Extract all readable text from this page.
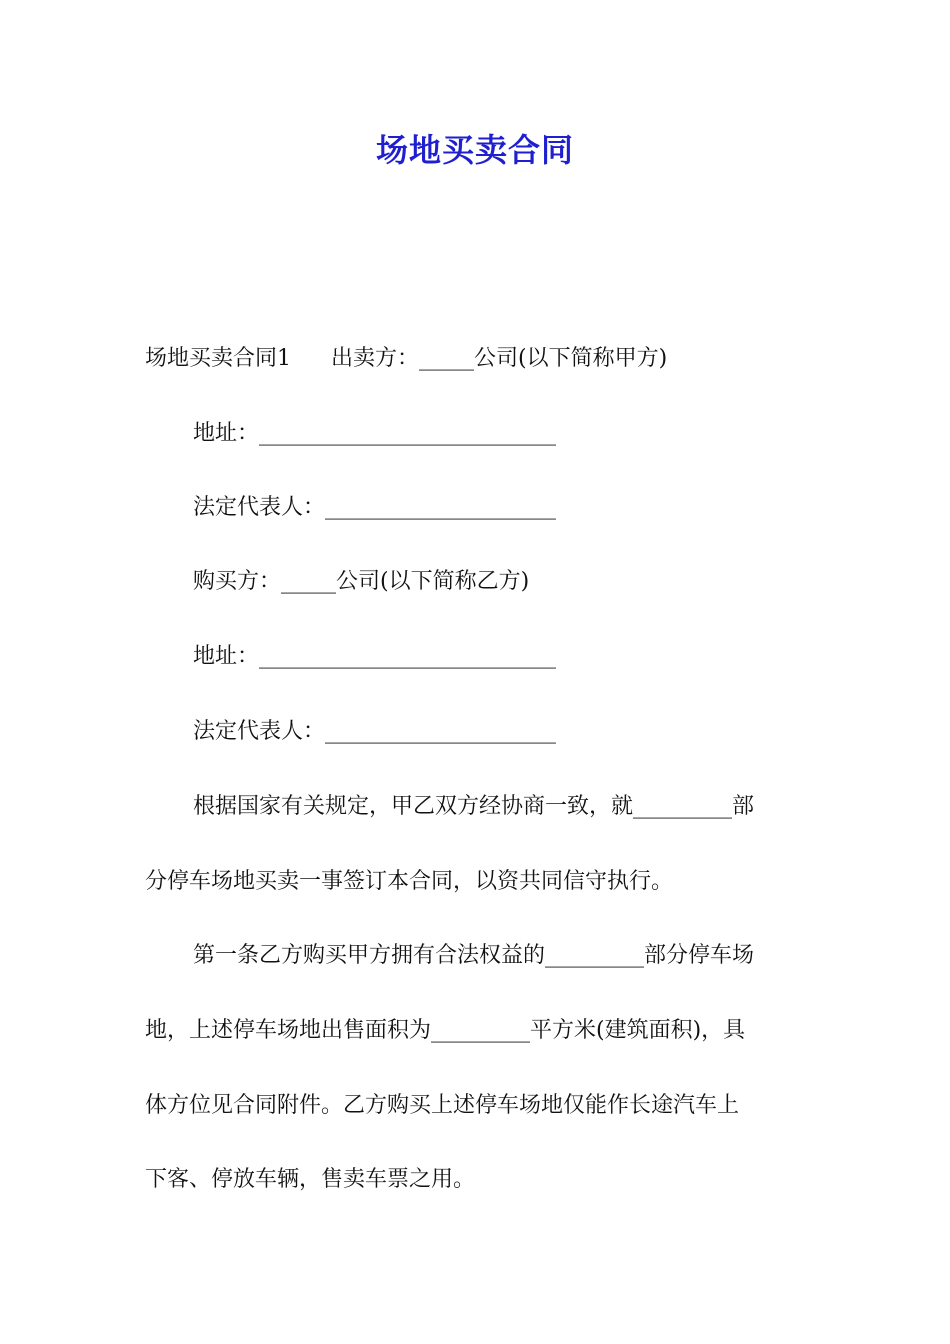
场地买卖合同
场地买卖合同1 出卖方：_____公司(以下简称甲方)
地址：___________________________
法定代表人：_____________________
购买方：_____公司(以下简称乙方)
地址：___________________________
法定代表人：_____________________
根据国家有关规定，甲乙双方经协商一致，就_________部
分停车场地买卖一事签订本合同，以资共同信守执行。
第一条乙方购买甲方拥有合法权益的_________部分停车场
地，上述停车场地出售面积为_________平方米(建筑面积)，具
体方位见合同附件。乙方购买上述停车场地仅能作长途汽车上
下客、停放车辆，售卖车票之用。
